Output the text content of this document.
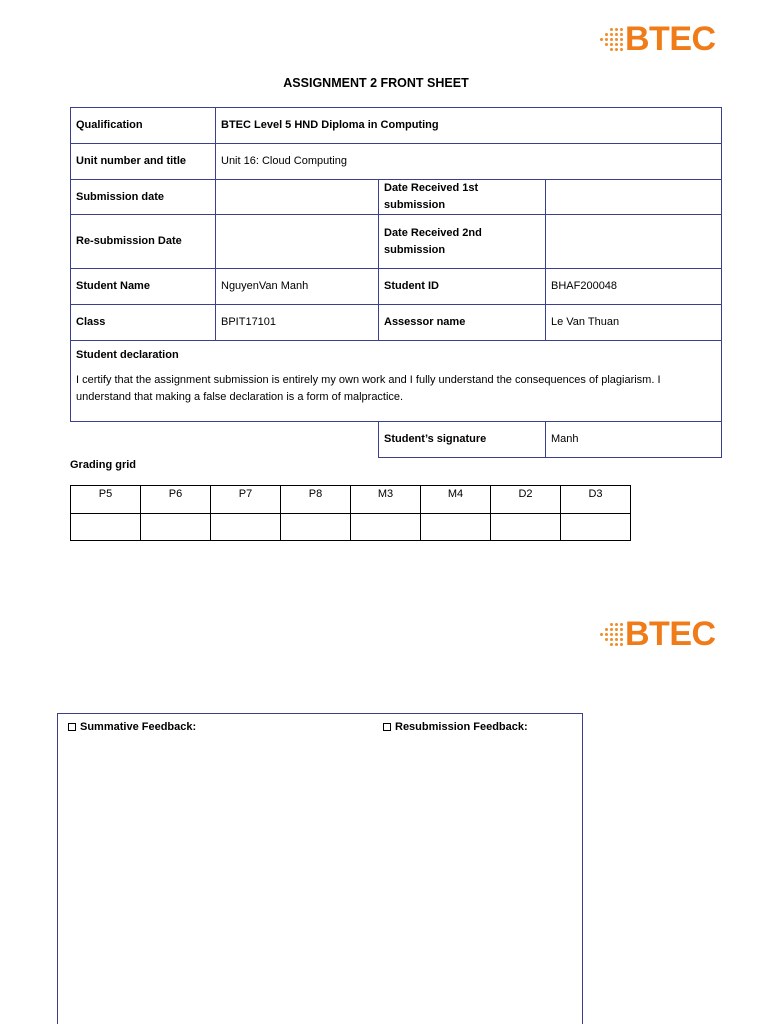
BTEC
ASSIGNMENT 2 FRONT SHEET
Qualification	BTEC Level 5 HND Diploma in Computing		
Unit number and title	Unit 16: Cloud Computing		
Submission date		Date Received 1st submission	
Re-submission Date		Date Received 2nd submission	
Student Name	NguyenVan Manh	Student ID	BHAF200048
Class	BPIT17101	Assessor name	Le Van Thuan

Student declaration
I certify that the assignment submission is entirely my own work and I fully understand the consequences of plagiarism. I understand that making a false declaration is a form of malpractice.			

		Student’s signature	Manh
Grading grid
P5	P6	P7	P8	M3	M4	D2	D3

BTEC
Summative Feedback:	Resubmission Feedback:
